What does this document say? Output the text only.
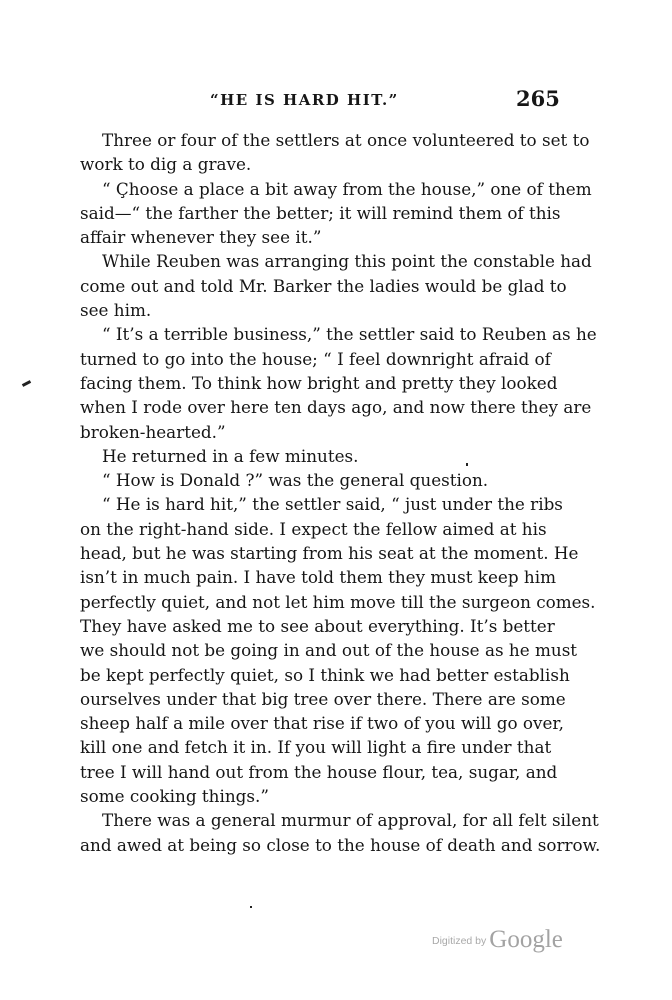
“HE IS HARD HIT.”	265
Three or four of the settlers at once volunteered to set to
work to dig a grave.
“ Çhoose a place a bit away from the house,” one of them
said—“ the farther the better; it will remind them of this
affair whenever they see it.”
While Reuben was arranging this point the constable had
come out and told Mr. Barker the ladies would be glad to
see him.
“ It’s a terrible business,” the settler said to Reuben as he
turned to go into the house; “ I feel downright afraid of
facing them. To think how bright and pretty they looked
when I rode over here ten days ago, and now there they are
broken-hearted.”
He returned in a few minutes.
“ How is Donald ?” was the general question.
“ He is hard hit,” the settler said, “ just under the ribs
on the right-hand side. I expect the fellow aimed at his
head, but he was starting from his seat at the moment. He
isn’t in much pain. I have told them they must keep him
perfectly quiet, and not let him move till the surgeon comes.
They have asked me to see about everything. It’s better
we should not be going in and out of the house as he must
be kept perfectly quiet, so I think we had better establish
ourselves under that big tree over there. There are some
sheep half a mile over that rise if two of you will go over,
kill one and fetch it in. If you will light a fire under that
tree I will hand out from the house flour, tea, sugar, and
some cooking things.”
There was a general murmur of approval, for all felt silent
and awed at being so close to the house of death and sorrow.
Digitized by Google
